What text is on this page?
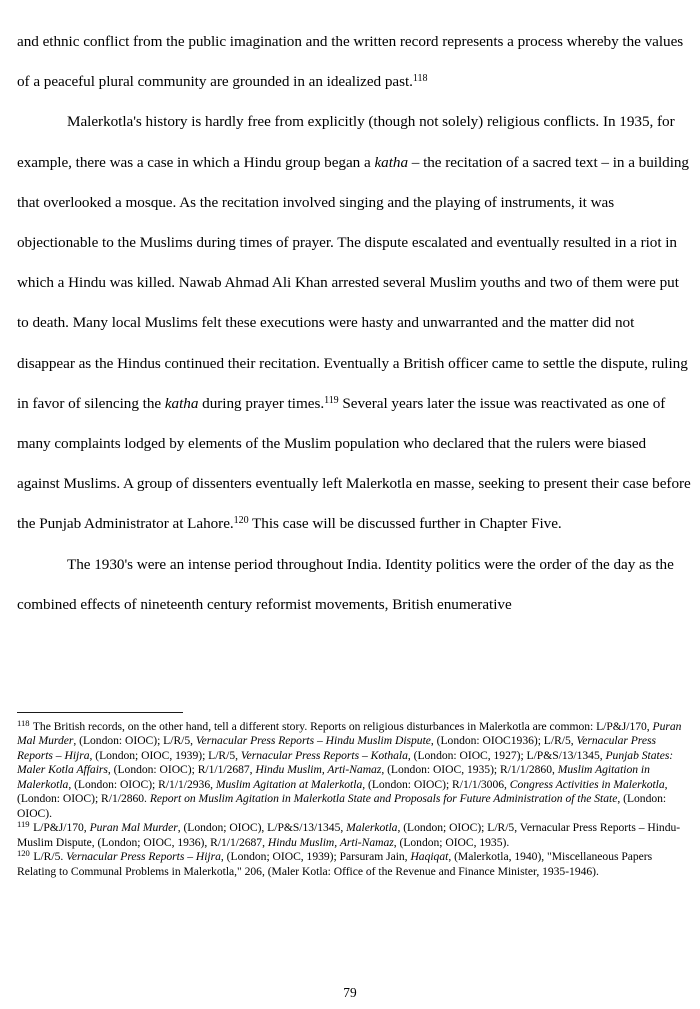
and ethnic conflict from the public imagination and the written record represents a process whereby the values of a peaceful plural community are grounded in an idealized past.$^{118}$

Malerkotla's history is hardly free from explicitly (though not solely) religious conflicts. In 1935, for example, there was a case in which a Hindu group began a katha – the recitation of a sacred text – in a building that overlooked a mosque. As the recitation involved singing and the playing of instruments, it was objectionable to the Muslims during times of prayer. The dispute escalated and eventually resulted in a riot in which a Hindu was killed. Nawab Ahmad Ali Khan arrested several Muslim youths and two of them were put to death. Many local Muslims felt these executions were hasty and unwarranted and the matter did not disappear as the Hindus continued their recitation. Eventually a British officer came to settle the dispute, ruling in favor of silencing the katha during prayer times.$^{119}$ Several years later the issue was reactivated as one of many complaints lodged by elements of the Muslim population who declared that the rulers were biased against Muslims. A group of dissenters eventually left Malerkotla en masse, seeking to present their case before the Punjab Administrator at Lahore.$^{120}$ This case will be discussed further in Chapter Five.

The 1930's were an intense period throughout India. Identity politics were the order of the day as the combined effects of nineteenth century reformist movements, British enumerative

$^{118}$ The British records, on the other hand, tell a different story. Reports on religious disturbances in Malerkotla are common: L/P&J/170, Puran Mal Murder, (London: OIOC); L/R/5, Vernacular Press Reports – Hindu Muslim Dispute, (London: OIOC1936); L/R/5, Vernacular Press Reports – Hijra, (London; OIOC, 1939); L/R/5, Vernacular Press Reports – Kothala, (London: OIOC, 1927); L/P&S/13/1345, Punjab States: Maler Kotla Affairs, (London: OIOC); R/1/1/2687, Hindu Muslim, Arti-Namaz, (London: OIOC, 1935); R/1/1/2860, Muslim Agitation in Malerkotla, (London: OIOC); R/1/1/2936, Muslim Agitation at Malerkotla, (London: OIOC); R/1/1/3006, Congress Activities in Malerkotla, (London: OIOC); R/1/2860. Report on Muslim Agitation in Malerkotla State and Proposals for Future Administration of the State, (London: OIOC).

$^{119}$ L/P&J/170, Puran Mal Murder, (London; OIOC), L/P&S/13/1345, Malerkotla, (London; OIOC); L/R/5, Vernacular Press Reports – Hindu-Muslim Dispute, (London; OIOC, 1936), R/1/1/2687, Hindu Muslim, Arti-Namaz, (London; OIOC, 1935).

$^{120}$ L/R/5. Vernacular Press Reports – Hijra, (London; OIOC, 1939); Parsuram Jain, Haqiqat, (Malerkotla, 1940), "Miscellaneous Papers Relating to Communal Problems in Malerkotla," 206, (Maler Kotla: Office of the Revenue and Finance Minister, 1935-1946).

79
